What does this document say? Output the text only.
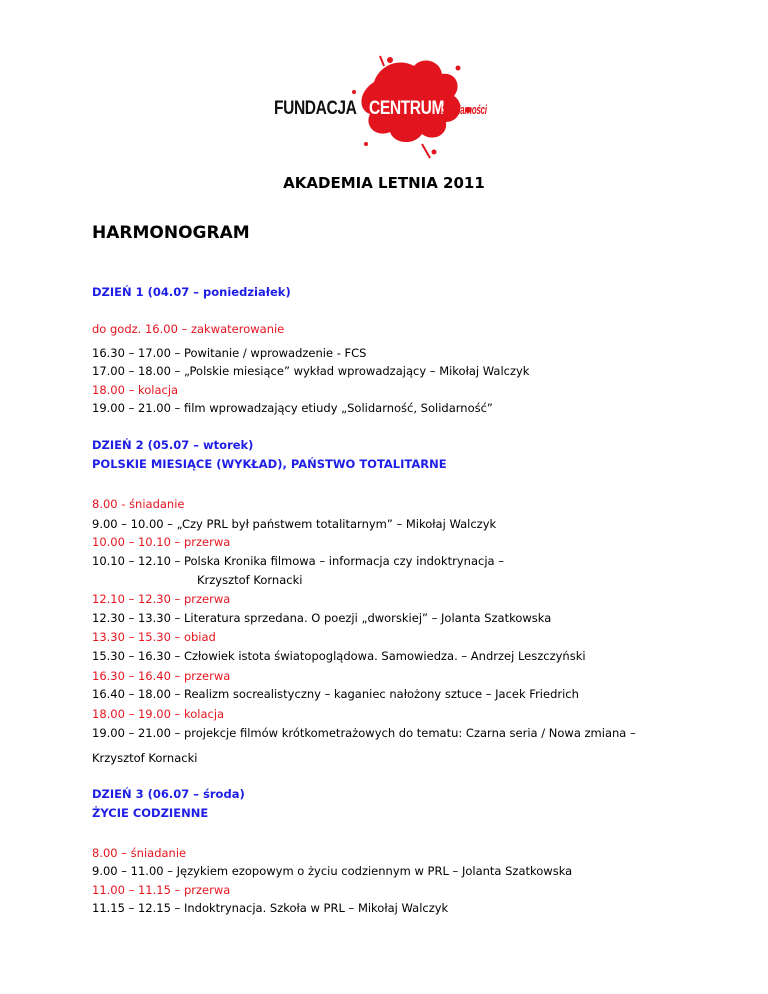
FUNDACJA CENTRUM
Solidarności
AKADEMIA LETNIA 2011
HARMONOGRAM
DZIEŃ 1 (04.07 – poniedziałek)
do godz. 16.00 – zakwaterowanie
16.30 – 17.00 – Powitanie / wprowadzenie - FCS
17.00 – 18.00 – „Polskie miesiące” wykład wprowadzający – Mikołaj Walczyk
18.00 – kolacja
19.00 – 21.00 – film wprowadzający etiudy „Solidarność, Solidarność”
DZIEŃ 2 (05.07 – wtorek)
POLSKIE MIESIĄCE (WYKŁAD), PAŃSTWO TOTALITARNE
8.00 - śniadanie
9.00 – 10.00 – „Czy PRL był państwem totalitarnym” – Mikołaj Walczyk
10.00 – 10.10 – przerwa
10.10 – 12.10 – Polska Kronika filmowa – informacja czy indoktrynacja –
Krzysztof Kornacki
12.10 – 12.30 – przerwa
12.30 – 13.30 – Literatura sprzedana. O poezji „dworskiej” – Jolanta Szatkowska
13.30 – 15.30 – obiad
15.30 – 16.30 – Człowiek istota światopoglądowa. Samowiedza. – Andrzej Leszczyński
16.30 – 16.40 – przerwa
16.40 – 18.00 – Realizm socrealistyczny – kaganiec nałożony sztuce – Jacek Friedrich
18.00 – 19.00 – kolacja
19.00 – 21.00 – projekcje filmów krótkometrażowych do tematu: Czarna seria / Nowa zmiana –
Krzysztof Kornacki
DZIEŃ 3 (06.07 – środa)
ŻYCIE CODZIENNE
8.00 – śniadanie
9.00 – 11.00 – Językiem ezopowym o życiu codziennym w PRL – Jolanta Szatkowska
11.00 – 11.15 – przerwa
11.15 – 12.15 – Indoktrynacja. Szkoła w PRL – Mikołaj Walczyk
